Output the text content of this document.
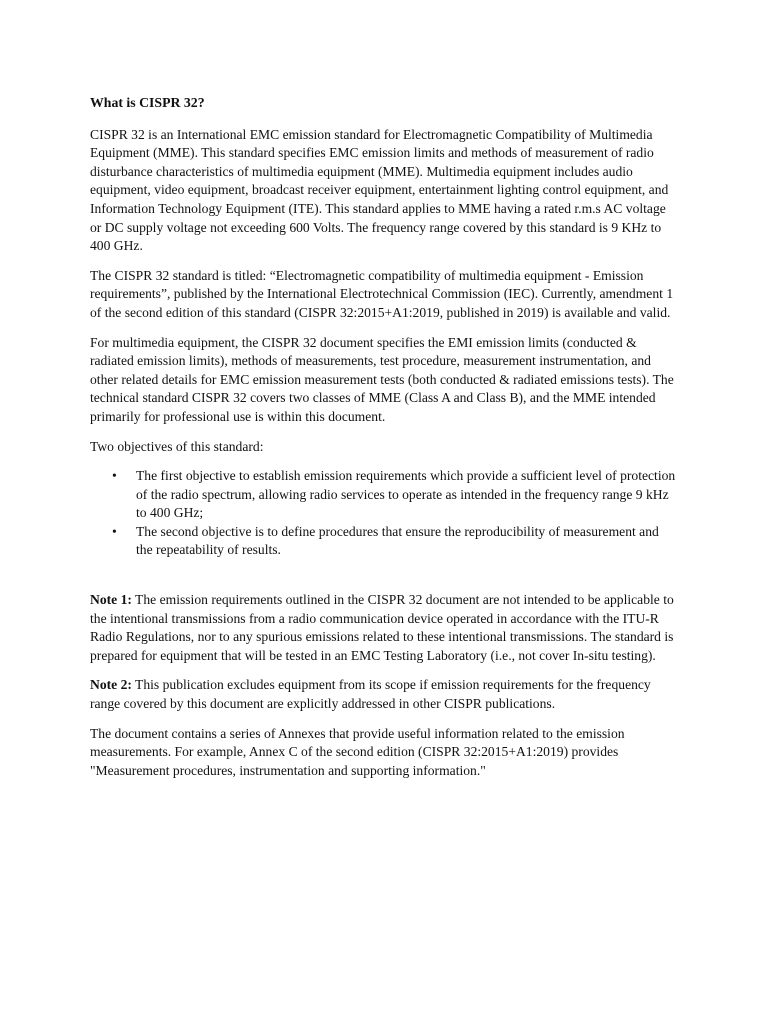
What is CISPR 32?

CISPR 32 is an International EMC emission standard for Electromagnetic Compatibility of Multimedia Equipment (MME). This standard specifies EMC emission limits and methods of measurement of radio disturbance characteristics of multimedia equipment (MME). Multimedia equipment includes audio equipment, video equipment, broadcast receiver equipment, entertainment lighting control equipment, and Information Technology Equipment (ITE). This standard applies to MME having a rated r.m.s AC voltage or DC supply voltage not exceeding 600 Volts. The frequency range covered by this standard is 9 KHz to 400 GHz.

The CISPR 32 standard is titled: “Electromagnetic compatibility of multimedia equipment - Emission requirements”, published by the International Electrotechnical Commission (IEC). Currently, amendment 1 of the second edition of this standard (CISPR 32:2015+A1:2019, published in 2019) is available and valid.

For multimedia equipment, the CISPR 32 document specifies the EMI emission limits (conducted & radiated emission limits), methods of measurements, test procedure, measurement instrumentation, and other related details for EMC emission measurement tests (both conducted & radiated emissions tests). The technical standard CISPR 32 covers two classes of MME (Class A and Class B), and the MME intended primarily for professional use is within this document.

Two objectives of this standard:

• The first objective to establish emission requirements which provide a sufficient level of protection of the radio spectrum, allowing radio services to operate as intended in the frequency range 9 kHz to 400 GHz;
• The second objective is to define procedures that ensure the reproducibility of measurement and the repeatability of results.

Note 1: The emission requirements outlined in the CISPR 32 document are not intended to be applicable to the intentional transmissions from a radio communication device operated in accordance with the ITU-R Radio Regulations, nor to any spurious emissions related to these intentional transmissions. The standard is prepared for equipment that will be tested in an EMC Testing Laboratory (i.e., not cover In-situ testing).

Note 2: This publication excludes equipment from its scope if emission requirements for the frequency range covered by this document are explicitly addressed in other CISPR publications.

The document contains a series of Annexes that provide useful information related to the emission measurements. For example, Annex C of the second edition (CISPR 32:2015+A1:2019) provides "Measurement procedures, instrumentation and supporting information."
